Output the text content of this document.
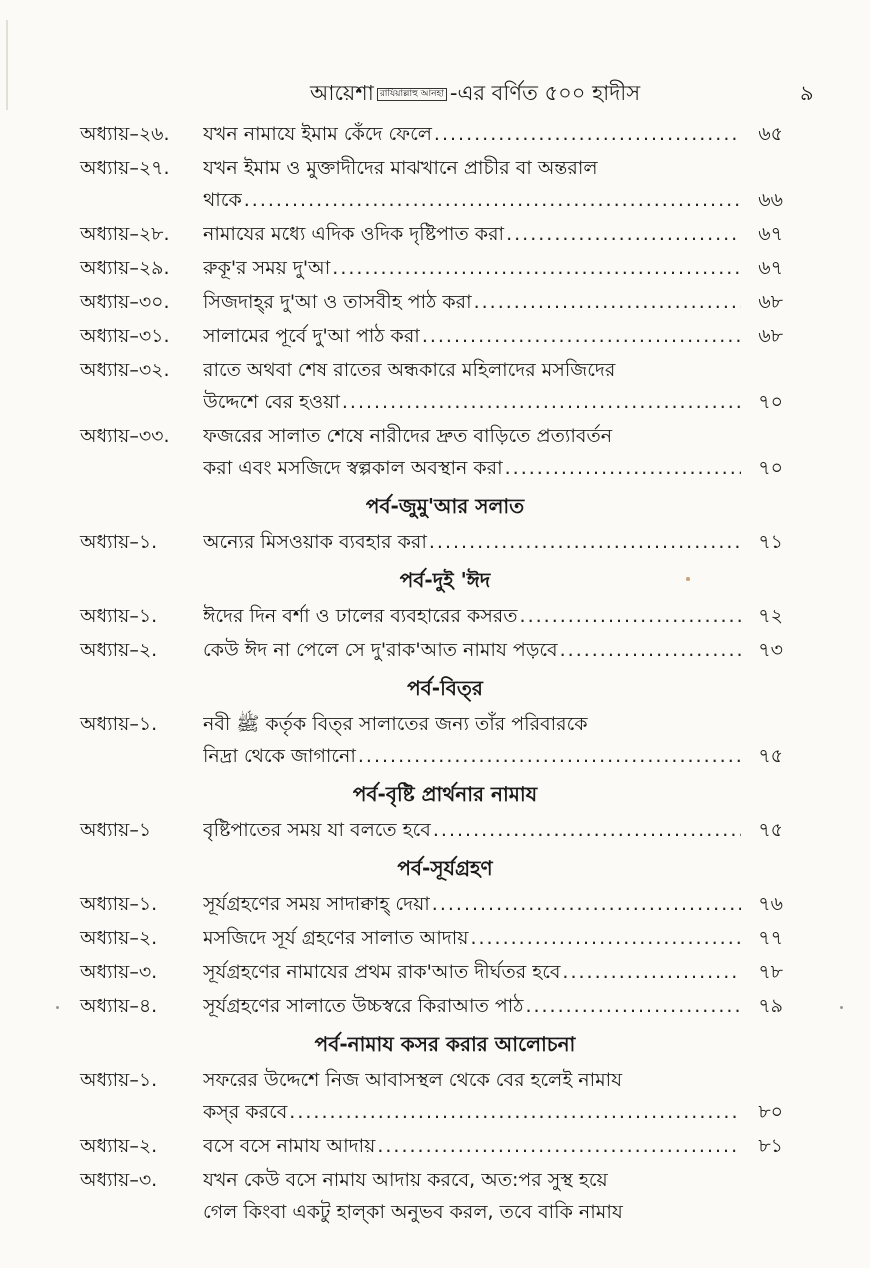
আয়েশা রাযিয়াল্লাহু আনহা -এর বর্ণিত ৫০০ হাদীস	৯
অধ্যায়–২৬.	যখন নামাযে ইমাম কেঁদে ফেলে .....	৬৫
অধ্যায়–২৭.	যখন ইমাম ও মুক্তাদীদের মাঝখানে প্রাচীর বা অন্তরাল
থাকে .....	৬৬
অধ্যায়–২৮.	নামাযের মধ্যে এদিক ওদিক দৃষ্টিপাত করা .....	৬৭
অধ্যায়–২৯.	রুকূ'র সময় দু'আ .....	৬৭
অধ্যায়–৩০.	সিজদাহ্‌র দু'আ ও তাসবীহ পাঠ করা .....	৬৮
অধ্যায়–৩১.	সালামের পূর্বে দু'আ পাঠ করা .....	৬৮
অধ্যায়–৩২.	রাতে অথবা শেষ রাতের অন্ধকারে মহিলাদের মসজিদের
উদ্দেশে বের হওয়া .....	৭০
অধ্যায়–৩৩.	ফজরের সালাত শেষে নারীদের দ্রুত বাড়িতে প্রত্যাবর্তন
করা এবং মসজিদে স্বল্পকাল অবস্থান করা .....	৭০
পর্ব-জুমু'আর সলাত
অধ্যায়–১.	অন্যের মিসওয়াক ব্যবহার করা .....	৭১
পর্ব-দুই 'ঈদ
অধ্যায়–১.	ঈদের দিন বর্শা ও ঢালের ব্যবহারের কসরত .....	৭২
অধ্যায়–২.	কেউ ঈদ না পেলে সে দু'রাক'আত নামায পড়বে .....	৭৩
পর্ব-বিত্‌র
অধ্যায়–১.	নবী ﷺ কর্তৃক বিত্‌র সালাতের জন্য তাঁর পরিবারকে
নিদ্রা থেকে জাগানো .....	৭৫
পর্ব-বৃষ্টি প্রার্থনার নামায
অধ্যায়–১	বৃষ্টিপাতের সময় যা বলতে হবে .....	৭৫
পর্ব-সূর্যগ্রহণ
অধ্যায়–১.	সূর্যগ্রহণের সময় সাদাক্বাহ্‌ দেয়া .....	৭৬
অধ্যায়–২.	মসজিদে সূর্য গ্রহণের সালাত আদায় .....	৭৭
অধ্যায়–৩.	সূর্যগ্রহণের নামাযের প্রথম রাক'আত দীর্ঘতর হবে .....	৭৮
অধ্যায়–৪.	সূর্যগ্রহণের সালাতে উচ্চস্বরে কিরাআত পাঠ .....	৭৯
পর্ব-নামায কসর করার আলোচনা
অধ্যায়–১.	সফরের উদ্দেশে নিজ আবাসস্থল থেকে বের হলেই নামায
কস্‌র করবে .....	৮০
অধ্যায়–২.	বসে বসে নামায আদায় .....	৮১
অধ্যায়–৩.	যখন কেউ বসে নামায আদায় করবে, অত:পর সুস্থ হয়ে
গেল কিংবা একটু হাল্‌কা অনুভব করল, তবে বাকি নামায
